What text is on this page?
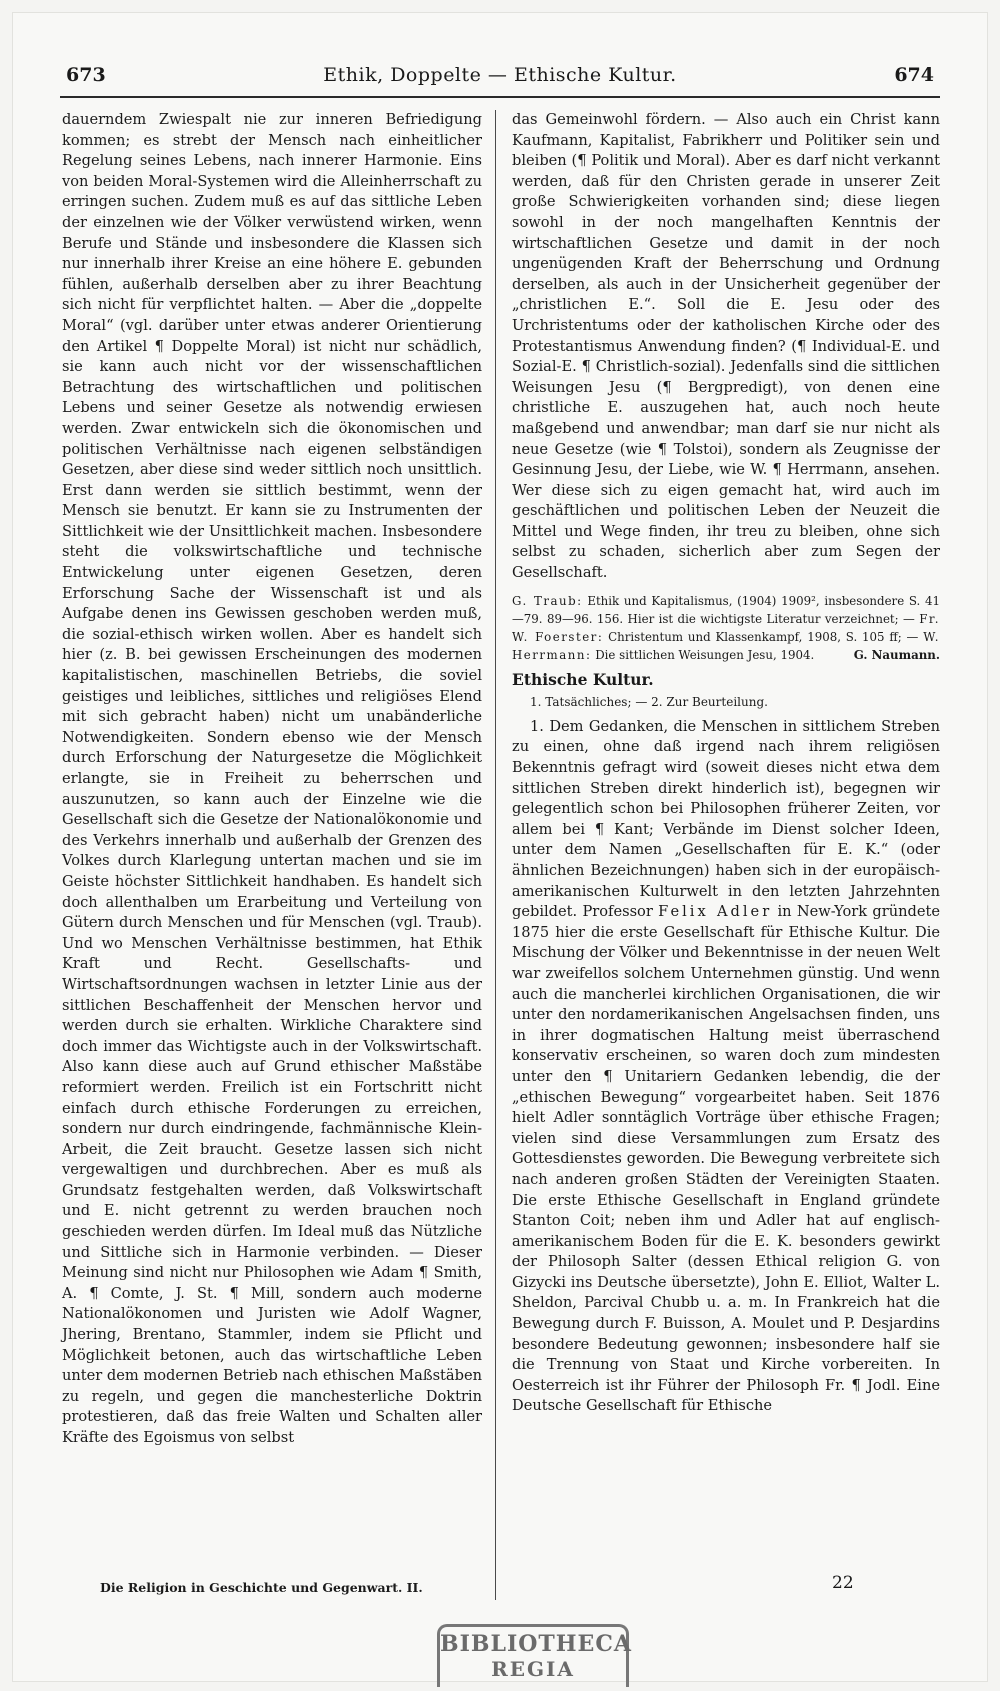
673	Ethik, Doppelte — Ethische Kultur.	674

dauerndem Zwiespalt nie zur inneren Befriedigung kommen; es strebt der Mensch nach einheitlicher Regelung seines Lebens, nach innerer Harmonie. Eins von beiden Moral-Systemen wird die Alleinherrschaft zu erringen suchen. Zudem muß es auf das sittliche Leben der einzelnen wie der Völker verwüstend wirken, wenn Berufe und Stände und insbesondere die Klassen sich nur innerhalb ihrer Kreise an eine höhere E. gebunden fühlen, außerhalb derselben aber zu ihrer Beachtung sich nicht für verpflichtet halten. — Aber die „doppelte Moral“ (vgl. darüber unter etwas anderer Orientierung den Artikel ¶ Doppelte Moral) ist nicht nur schädlich, sie kann auch nicht vor der wissenschaftlichen Betrachtung des wirtschaftlichen und politischen Lebens und seiner Gesetze als notwendig erwiesen werden. Zwar entwickeln sich die ökonomischen und politischen Verhältnisse nach eigenen selbständigen Gesetzen, aber diese sind weder sittlich noch unsittlich. Erst dann werden sie sittlich bestimmt, wenn der Mensch sie benutzt. Er kann sie zu Instrumenten der Sittlichkeit wie der Unsittlichkeit machen. Insbesondere steht die volkswirtschaftliche und technische Entwickelung unter eigenen Gesetzen, deren Erforschung Sache der Wissenschaft ist und als Aufgabe denen ins Gewissen geschoben werden muß, die sozial-ethisch wirken wollen. Aber es handelt sich hier (z. B. bei gewissen Erscheinungen des modernen kapitalistischen, maschinellen Betriebs, die soviel geistiges und leibliches, sittliches und religiöses Elend mit sich gebracht haben) nicht um unabänderliche Notwendigkeiten. Sondern ebenso wie der Mensch durch Erforschung der Naturgesetze die Möglichkeit erlangte, sie in Freiheit zu beherrschen und auszunutzen, so kann auch der Einzelne wie die Gesellschaft sich die Gesetze der Nationalökonomie und des Verkehrs innerhalb und außerhalb der Grenzen des Volkes durch Klarlegung untertan machen und sie im Geiste höchster Sittlichkeit handhaben. Es handelt sich doch allenthalben um Erarbeitung und Verteilung von Gütern durch Menschen und für Menschen (vgl. Traub). Und wo Menschen Verhältnisse bestimmen, hat Ethik Kraft und Recht. Gesellschafts- und Wirtschaftsordnungen wachsen in letzter Linie aus der sittlichen Beschaffenheit der Menschen hervor und werden durch sie erhalten. Wirkliche Charaktere sind doch immer das Wichtigste auch in der Volkswirtschaft. Also kann diese auch auf Grund ethischer Maßstäbe reformiert werden. Freilich ist ein Fortschritt nicht einfach durch ethische Forderungen zu erreichen, sondern nur durch eindringende, fachmännische Klein-Arbeit, die Zeit braucht. Gesetze lassen sich nicht vergewaltigen und durchbrechen. Aber es muß als Grundsatz festgehalten werden, daß Volkswirtschaft und E. nicht getrennt zu werden brauchen noch geschieden werden dürfen. Im Ideal muß das Nützliche und Sittliche sich in Harmonie verbinden. — Dieser Meinung sind nicht nur Philosophen wie Adam ¶ Smith, A. ¶ Comte, J. St. ¶ Mill, sondern auch moderne Nationalökonomen und Juristen wie Adolf Wagner, Jhering, Brentano, Stammler, indem sie Pflicht und Möglichkeit betonen, auch das wirtschaftliche Leben unter dem modernen Betrieb nach ethischen Maßstäben zu regeln, und gegen die manchesterliche Doktrin protestieren, daß das freie Walten und Schalten aller Kräfte des Egoismus von selbst

das Gemeinwohl fördern. — Also auch ein Christ kann Kaufmann, Kapitalist, Fabrikherr und Politiker sein und bleiben (¶ Politik und Moral). Aber es darf nicht verkannt werden, daß für den Christen gerade in unserer Zeit große Schwierigkeiten vorhanden sind; diese liegen sowohl in der noch mangelhaften Kenntnis der wirtschaftlichen Gesetze und damit in der noch ungenügenden Kraft der Beherrschung und Ordnung derselben, als auch in der Unsicherheit gegenüber der „christlichen E.“. Soll die E. Jesu oder des Urchristentums oder der katholischen Kirche oder des Protestantismus Anwendung finden? (¶ Individual-E. und Sozial-E. ¶ Christlich-sozial). Jedenfalls sind die sittlichen Weisungen Jesu (¶ Bergpredigt), von denen eine christliche E. auszugehen hat, auch noch heute maßgebend und anwendbar; man darf sie nur nicht als neue Gesetze (wie ¶ Tolstoi), sondern als Zeugnisse der Gesinnung Jesu, der Liebe, wie W. ¶ Herrmann, ansehen. Wer diese sich zu eigen gemacht hat, wird auch im geschäftlichen und politischen Leben der Neuzeit die Mittel und Wege finden, ihr treu zu bleiben, ohne sich selbst zu schaden, sicherlich aber zum Segen der Gesellschaft.

G. Traub: Ethik und Kapitalismus, (1904) 1909², insbesondere S. 41—79. 89—96. 156. Hier ist die wichtigste Literatur verzeichnet; — Fr. W. Foerster: Christentum und Klassenkampf, 1908, S. 105 ff; — W. Herrmann: Die sittlichen Weisungen Jesu, 1904.	G. Naumann.
Ethische Kultur.
1. Tatsächliches; — 2. Zur Beurteilung.

1. Dem Gedanken, die Menschen in sittlichem Streben zu einen, ohne daß irgend nach ihrem religiösen Bekenntnis gefragt wird (soweit dieses nicht etwa dem sittlichen Streben direkt hinderlich ist), begegnen wir gelegentlich schon bei Philosophen früherer Zeiten, vor allem bei ¶ Kant; Verbände im Dienst solcher Ideen, unter dem Namen „Gesellschaften für E. K.“ (oder ähnlichen Bezeichnungen) haben sich in der europäisch-amerikanischen Kulturwelt in den letzten Jahrzehnten gebildet. Professor Felix Adler in New-York gründete 1875 hier die erste Gesellschaft für Ethische Kultur. Die Mischung der Völker und Bekenntnisse in der neuen Welt war zweifellos solchem Unternehmen günstig. Und wenn auch die mancherlei kirchlichen Organisationen, die wir unter den nordamerikanischen Angelsachsen finden, uns in ihrer dogmatischen Haltung meist überraschend konservativ erscheinen, so waren doch zum mindesten unter den ¶ Unitariern Gedanken lebendig, die der „ethischen Bewegung“ vorgearbeitet haben. Seit 1876 hielt Adler sonntäglich Vorträge über ethische Fragen; vielen sind diese Versammlungen zum Ersatz des Gottesdienstes geworden. Die Bewegung verbreitete sich nach anderen großen Städten der Vereinigten Staaten. Die erste Ethische Gesellschaft in England gründete Stanton Coit; neben ihm und Adler hat auf englisch-amerikanischem Boden für die E. K. besonders gewirkt der Philosoph Salter (dessen Ethical religion G. von Gizycki ins Deutsche übersetzte), John E. Elliot, Walter L. Sheldon, Parcival Chubb u. a. m. In Frankreich hat die Bewegung durch F. Buisson, A. Moulet und P. Desjardins besondere Bedeutung gewonnen; insbesondere half sie die Trennung von Staat und Kirche vorbereiten. In Oesterreich ist ihr Führer der Philosoph Fr. ¶ Jodl. Eine Deutsche Gesellschaft für Ethische

Die Religion in Geschichte und Gegenwart. II.	22
BIBLIOTHECA
REGIA
